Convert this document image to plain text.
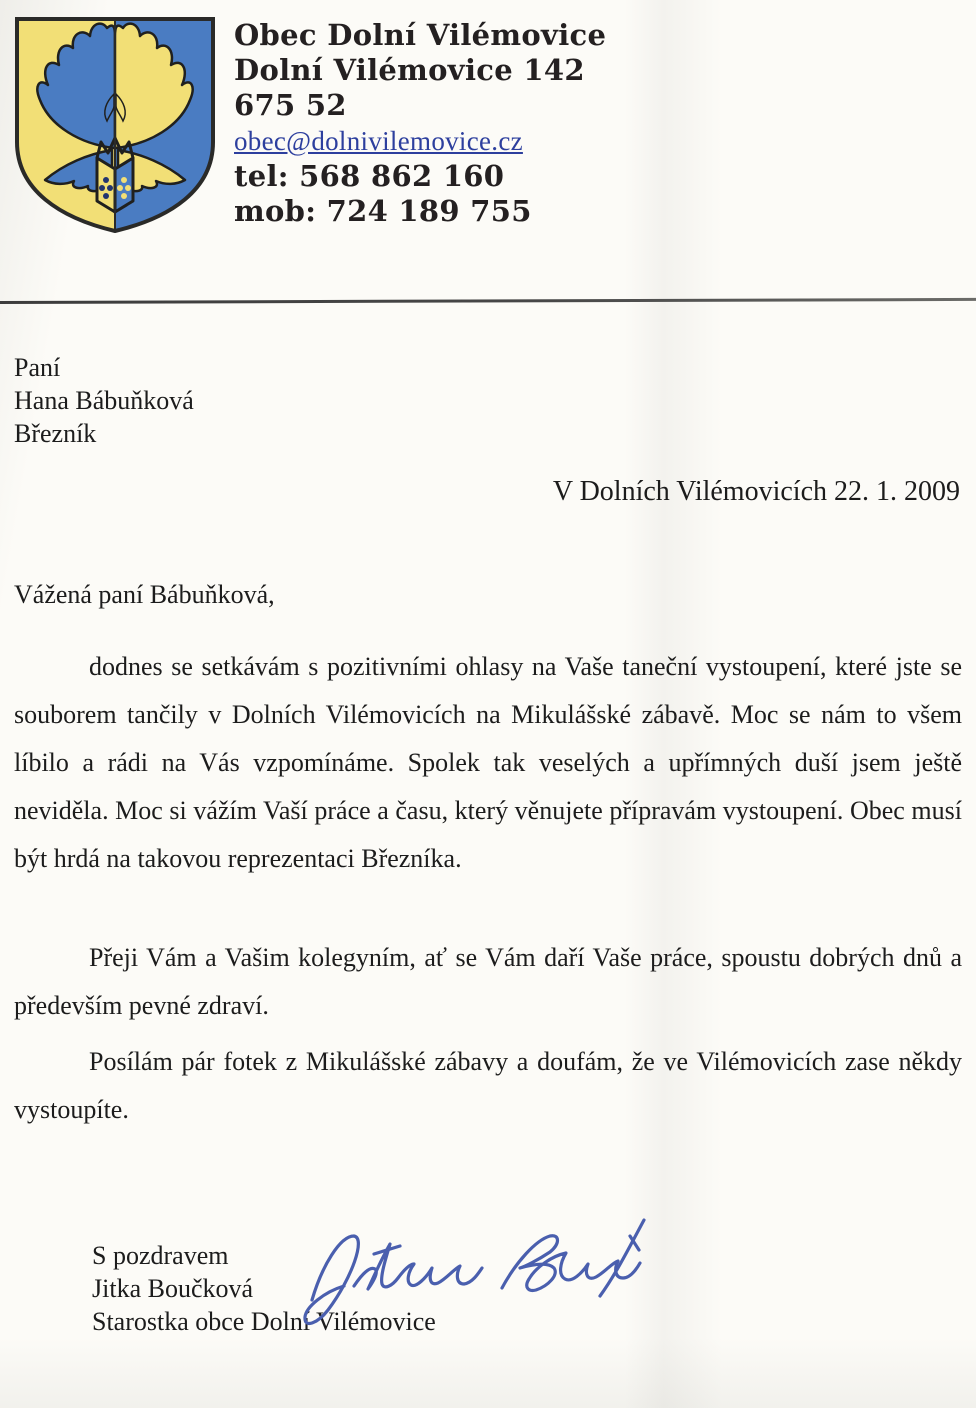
Obec Dolní Vilémovice
Dolní Vilémovice 142
675 52
obec@dolnivilemovice.cz
tel: 568 862 160
mob: 724 189 755
Paní
Hana Bábuňková
Březník
V Dolních Vilémovicích 22. 1. 2009
Vážená paní Bábuňková,

dodnes se setkávám s pozitivními ohlasy na Vaše taneční vystoupení, které jste se souborem tančily v Dolních Vilémovicích na Mikulášské zábavě. Moc se nám to všem líbilo a rádi na Vás vzpomínáme. Spolek tak veselých a upřímných duší jsem ještě neviděla. Moc si vážím Vaší práce a času, který věnujete přípravám vystoupení. Obec musí být hrdá na takovou reprezentaci Březníka.

Přeji Vám a Vašim kolegyním, ať se Vám daří Vaše práce, spoustu dobrých dnů a především pevné zdraví.

Posílám pár fotek z Mikulášské zábavy a doufám, že ve Vilémovicích zase někdy vystoupíte.

S pozdravem
Jitka Boučková
Starostka obce Dolní Vilémovice
